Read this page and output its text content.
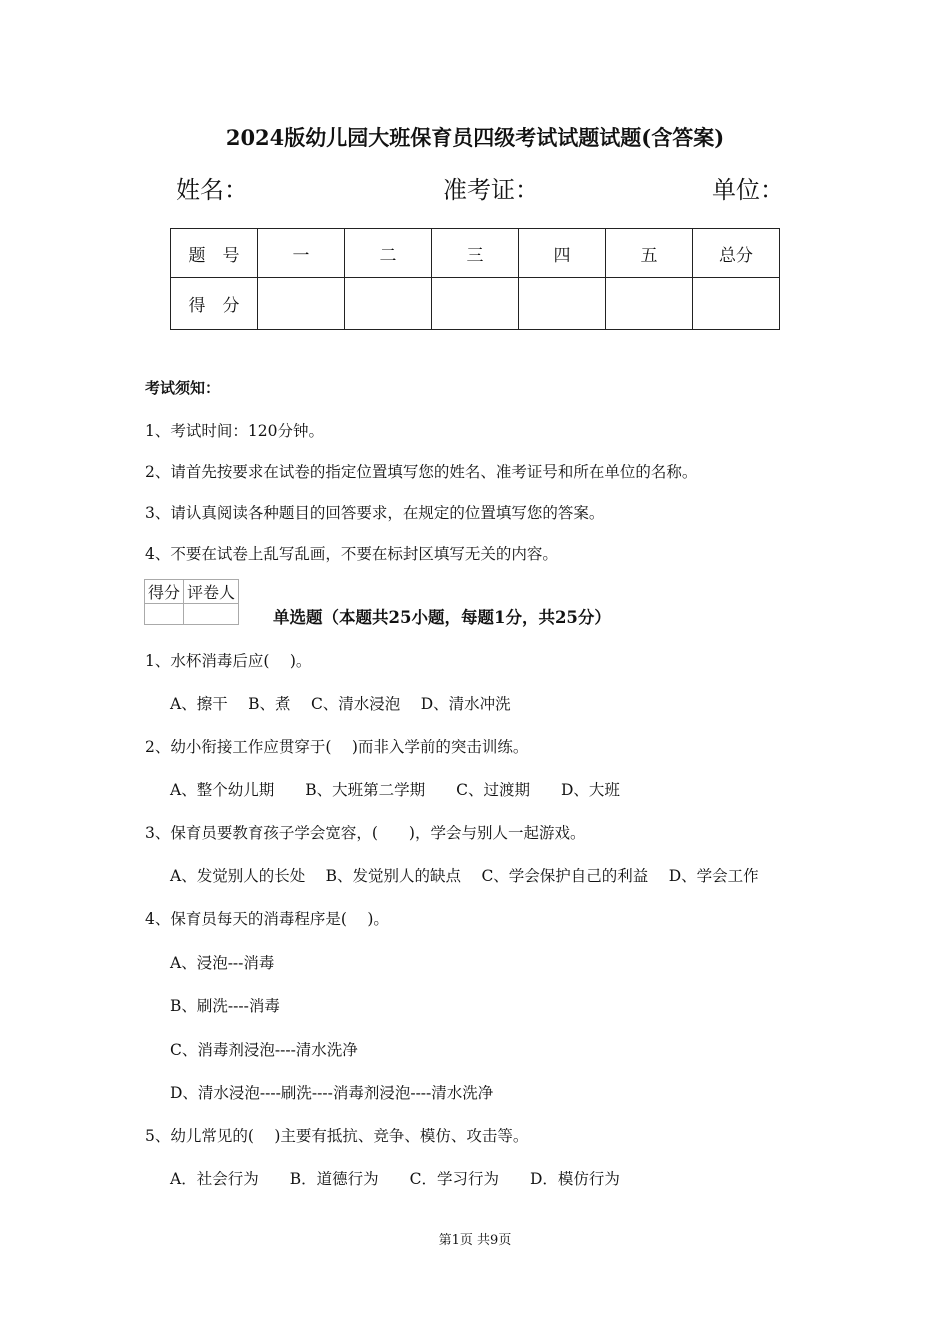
2024版幼儿园大班保育员四级考试试题试题(含答案)
姓名：	准考证：	单位：
题　号	一	二	三	四	五	总分
得　分						
考试须知：
1、考试时间：120分钟。
2、请首先按要求在试卷的指定位置填写您的姓名、准考证号和所在单位的名称。
3、请认真阅读各种题目的回答要求，在规定的位置填写您的答案。
4、不要在试卷上乱写乱画，不要在标封区填写无关的内容。
得分	评卷人

单选题（本题共25小题，每题1分，共25分）
1、水杯消毒后应(　 )。
A、擦干　 B、煮　 C、清水浸泡　 D、清水冲洗
2、幼小衔接工作应贯穿于(　 )而非入学前的突击训练。
A、整个幼儿期　　B、大班第二学期　　C、过渡期　　D、大班
3、保育员要教育孩子学会宽容，(　　)，学会与别人一起游戏。
A、发觉别人的长处　 B、发觉别人的缺点　 C、学会保护自己的利益　 D、学会工作
4、保育员每天的消毒程序是(　 )。
A、浸泡---消毒
B、刷洗----消毒
C、消毒剂浸泡----清水洗净
D、清水浸泡----刷洗----消毒剂浸泡----清水洗净
5、幼儿常见的(　 )主要有抵抗、竞争、模仿、攻击等。
A．社会行为　　B．道德行为　　C．学习行为　　D．模仿行为
第1页 共9页
